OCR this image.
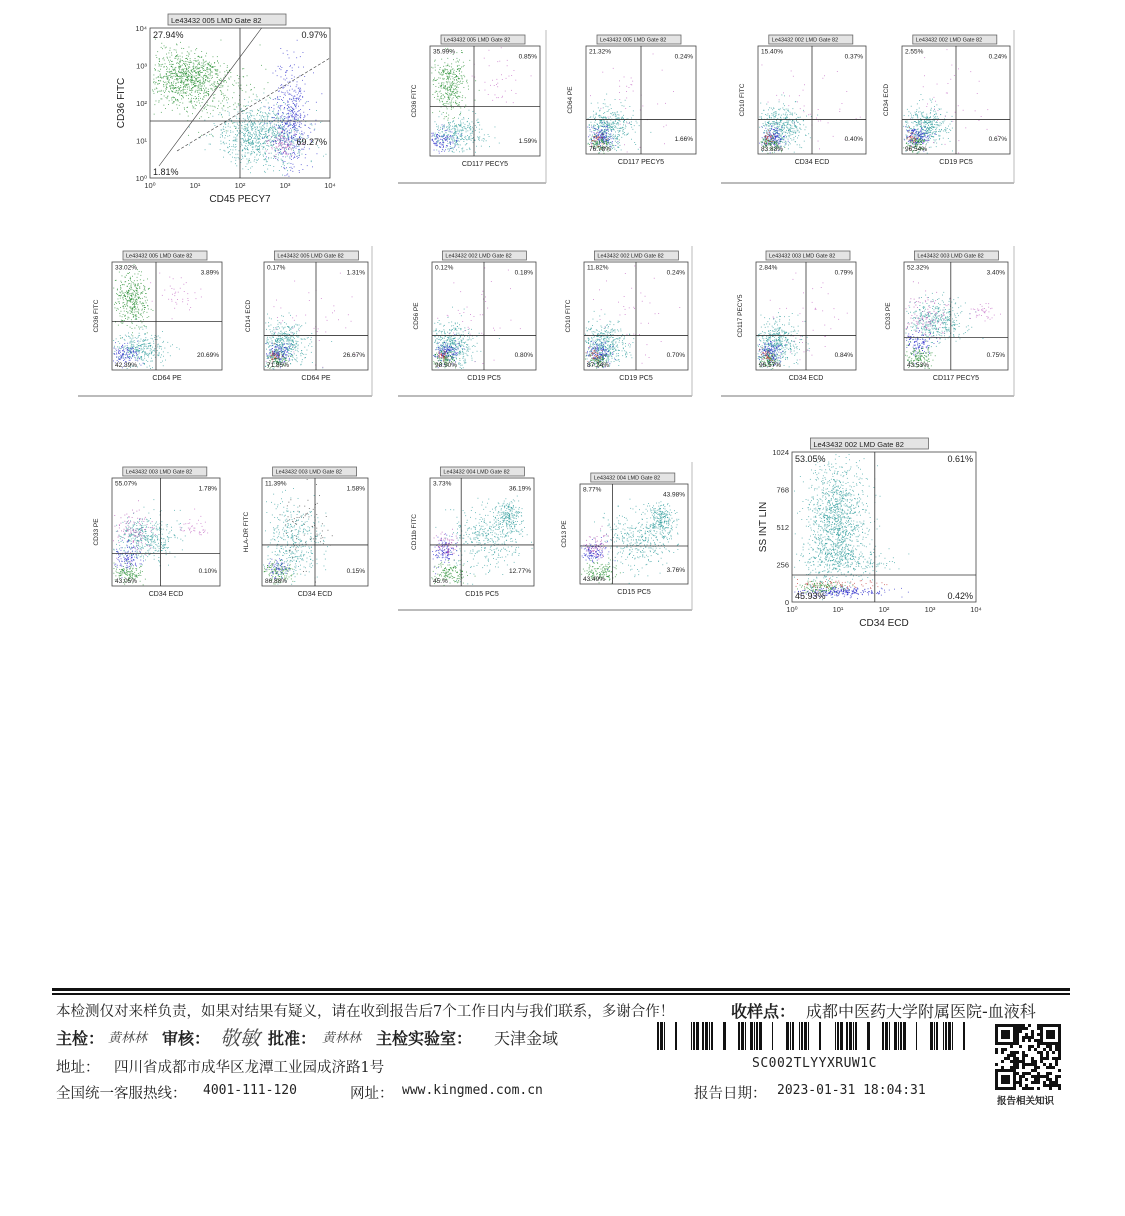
Le43432 005 LMD Gate 82
27.94%	0.97%
1.81%
69.27%
10⁴
10³
10²
10¹
10⁰
10⁰	10¹	10²	10³	10⁴
CD45 PECY7
CD36 FITC
Le43432 005 LMD Gate 82
35.99%
0.85%
1.59%
CD117 PECY5
CD36 FITC
Le43432 005 LMD Gate 82
21.32%
0.24%
76.78%
1.66%
CD117 PECY5
CD64 PE
Le43432 002 LMD Gate 82
15.40%
0.37%
83.83%
0.40%
CD34 ECD
CD10 FITC
Le43432 002 LMD Gate 82
2.55%
0.24%
96.54%
0.67%
CD19 PC5
CD34 ECD
Le43432 005 LMD Gate 82
33.02%
3.89%
42.39%
20.69%
CD64 PE
CD36 FITC
Le43432 005 LMD Gate 82
0.17%
1.31%
71.85%
26.67%
CD64 PE
CD14 ECD
Le43432 002 LMD Gate 82
0.12%
0.18%
98.90%
0.80%
CD19 PC5
CD56 PE
Le43432 002 LMD Gate 82
11.82%
0.24%
87.24%
0.70%
CD19 PC5
CD10 FITC
Le43432 003 LMD Gate 82
2.84%
0.79%
95.57%
0.84%
CD34 ECD
CD117 PECY5
Le43432 003 LMD Gate 82
52.32%
3.40%
43.53%
0.75%
CD117 PECY5
CD33 PE
Le43432 003 LMD Gate 82
55.07%
1.78%
43.05%
0.10%
CD34 ECD
CD33 PE
Le43432 003 LMD Gate 82
11.39%
1.58%
86.88%
0.15%
CD34 ECD
HLA-DR FITC
Le43432 004 LMD Gate 82
3.73%
36.19%
45.%
12.77%
CD15 PC5
CD11b FITC
Le43432 004 LMD Gate 82
8.77%
43.98%
43.49%
3.76%
CD15 PC5
CD13 PE
Le43432 002 LMD Gate 82
53.05%	0.61%
45.93%	0.42%
1024
768
512
256
0
10⁰	10¹	10²	10³	10⁴
CD34 ECD
SS INT LIN
本检测仅对来样负责，如果对结果有疑义，请在收到报告后7个工作日内与我们联系，多谢合作！	收样点： 成都中医药大学附属医院-血液科
主检： 黄林林 审核： 敬敏 批准： 黄林林 主检实验室： 天津金域
SC002TLYYXRUW1C
报告相关知识
地址： 四川省成都市成华区龙潭工业园成济路1号
全国统一客服热线： 4001-111-120	网址： www.kingmed.com.cn	报告日期： 2023-01-31 18:04:31
